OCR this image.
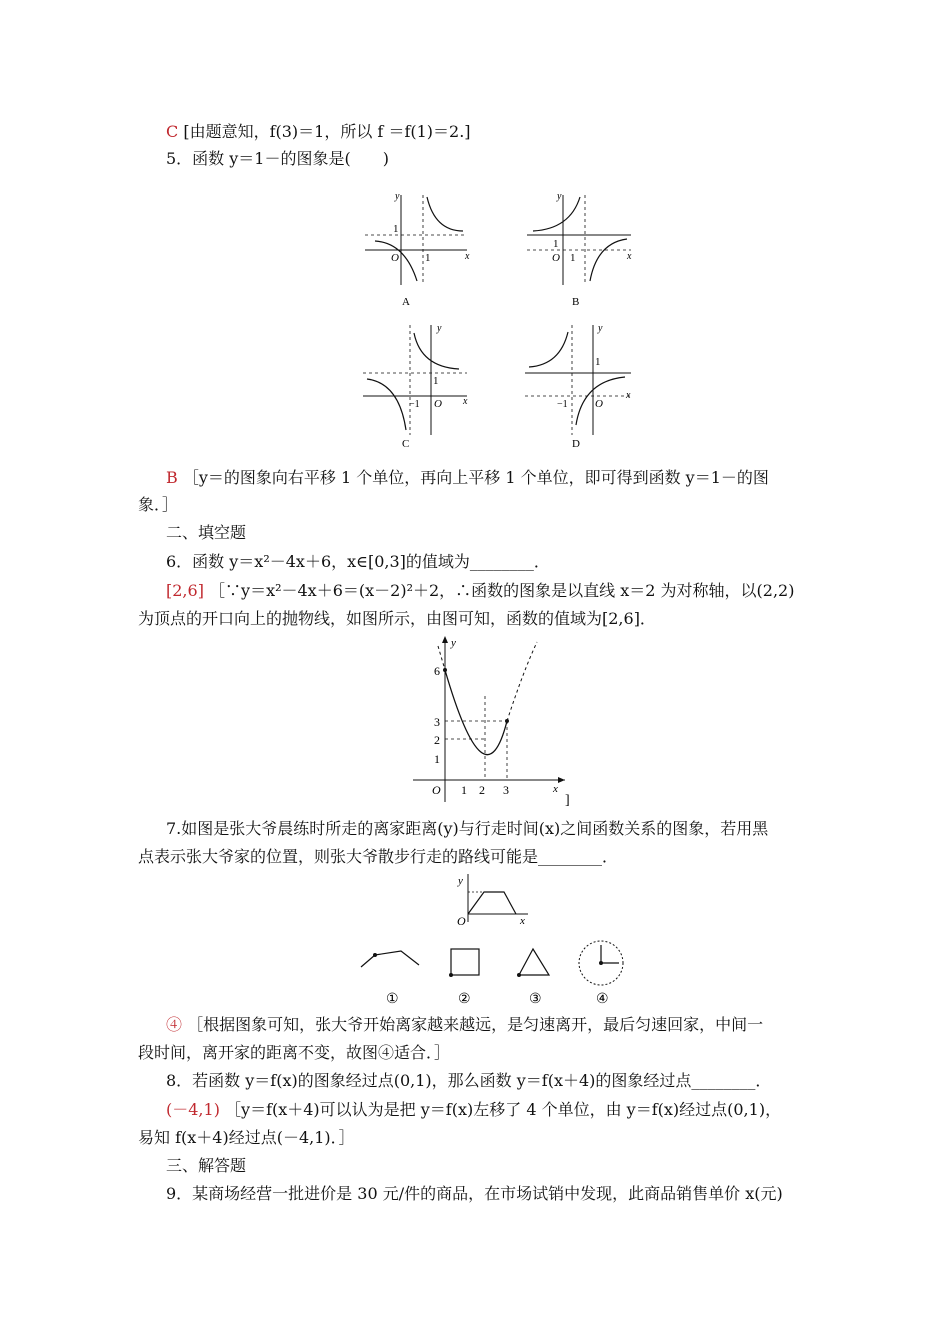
C [由题意知，f(3)＝1，所以 f ＝f(1)＝2.]
5．函数 y＝1－的图象是(　　)
y
x
O
1
1
A
y
x
O
1
1
B
y
x
O
1
−1
C
y
x
O
1
−1
D
B ［y＝的图象向右平移 1 个单位，再向上平移 1 个单位，即可得到函数 y＝1－的图
象．］
二、填空题
6．函数 y＝x²－4x＋6，x∈[0,3]的值域为________．
[2,6] ［∵y＝x²－4x＋6＝(x－2)²＋2，∴函数的图象是以直线 x＝2 为对称轴，以(2,2)
为顶点的开口向上的抛物线，如图所示，由图可知，函数的值域为[2,6]．
y
x
O
6
3
2
1
1 2 3
]
7.如图是张大爷晨练时所走的离家距离(y)与行走时间(x)之间函数关系的图象，若用黑
点表示张大爷家的位置，则张大爷散步行走的路线可能是________．
y
x
O
①	②	③	④
④ ［根据图象可知，张大爷开始离家越来越远，是匀速离开，最后匀速回家，中间一
段时间，离开家的距离不变，故图④适合．］
8．若函数 y＝f(x)的图象经过点(0,1)，那么函数 y＝f(x＋4)的图象经过点________．
(－4,1) ［y＝f(x＋4)可以认为是把 y＝f(x)左移了 4 个单位，由 y＝f(x)经过点(0,1)，
易知 f(x＋4)经过点(－4,1)．］
三、解答题
9．某商场经营一批进价是 30 元/件的商品，在市场试销中发现，此商品销售单价 x(元)
